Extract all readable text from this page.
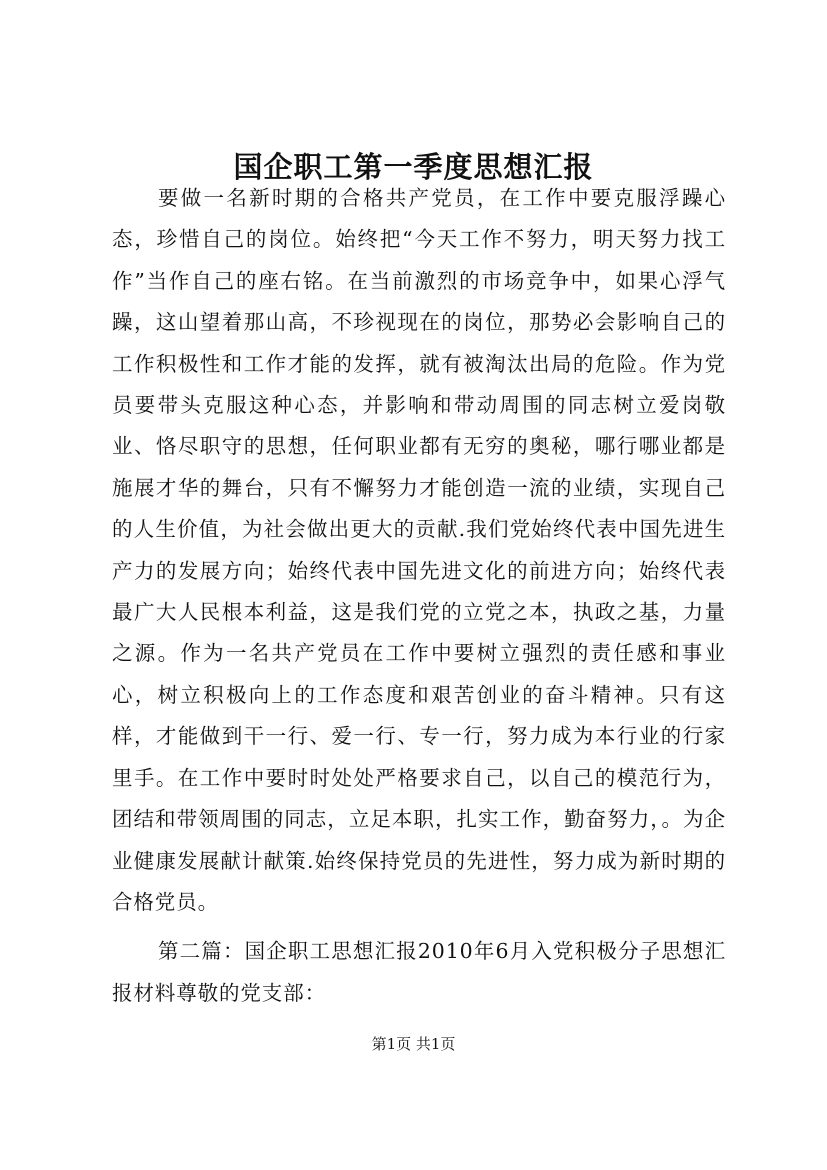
国企职工第一季度思想汇报

要做一名新时期的合格共产党员，在工作中要克服浮躁心态，珍惜自己的岗位。始终把“今天工作不努力，明天努力找工作”当作自己的座右铭。在当前激烈的市场竞争中，如果心浮气躁，这山望着那山高，不珍视现在的岗位，那势必会影响自己的工作积极性和工作才能的发挥，就有被淘汰出局的危险。作为党员要带头克服这种心态，并影响和带动周围的同志树立爱岗敬业、恪尽职守的思想，任何职业都有无穷的奥秘，哪行哪业都是施展才华的舞台，只有不懈努力才能创造一流的业绩，实现自己的人生价值，为社会做出更大的贡献.我们党始终代表中国先进生产力的发展方向；始终代表中国先进文化的前进方向；始终代表最广大人民根本利益，这是我们党的立党之本，执政之基，力量之源。作为一名共产党员在工作中要树立强烈的责任感和事业心，树立积极向上的工作态度和艰苦创业的奋斗精神。只有这样，才能做到干一行、爱一行、专一行，努力成为本行业的行家里手。在工作中要时时处处严格要求自己，以自己的模范行为，团结和带领周围的同志，立足本职，扎实工作，勤奋努力，。为企业健康发展献计献策.始终保持党员的先进性，努力成为新时期的合格党员。

第二篇：国企职工思想汇报2010年6月入党积极分子思想汇报材料尊敬的党支部：

第1页 共1页
